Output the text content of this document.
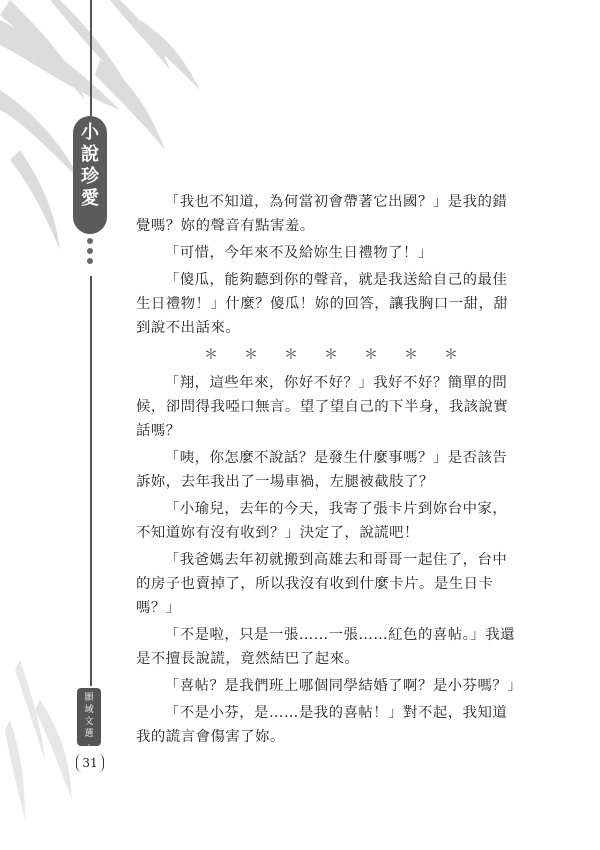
小
說
珍
愛
顥
域
文
選
·
31

「我也不知道，為何當初會帶著它出國？」是我的錯覺嗎？妳的聲音有點害羞。

「可惜，今年來不及給妳生日禮物了！」

「傻瓜，能夠聽到你的聲音，就是我送給自己的最佳生日禮物！」什麼？傻瓜！妳的回答，讓我胸口一甜，甜到說不出話來。

＊＊＊＊＊＊＊

「翔，這些年來，你好不好？」我好不好？簡單的問候，卻問得我啞口無言。望了望自己的下半身，我該說實話嗎？

「咦，你怎麼不說話？是發生什麼事嗎？」是否該告訴妳，去年我出了一場車禍，左腿被截肢了？

「小瑜兒，去年的今天，我寄了張卡片到妳台中家，不知道妳有沒有收到？」決定了，說謊吧！

「我爸媽去年初就搬到高雄去和哥哥一起住了，台中的房子也賣掉了，所以我沒有收到什麼卡片。是生日卡嗎？」

「不是啦，只是一張……一張……紅色的喜帖。」我還是不擅長說謊，竟然結巴了起來。

「喜帖？是我們班上哪個同學結婚了啊？是小芬嗎？」

「不是小芬，是……是我的喜帖！」對不起，我知道我的謊言會傷害了妳。
